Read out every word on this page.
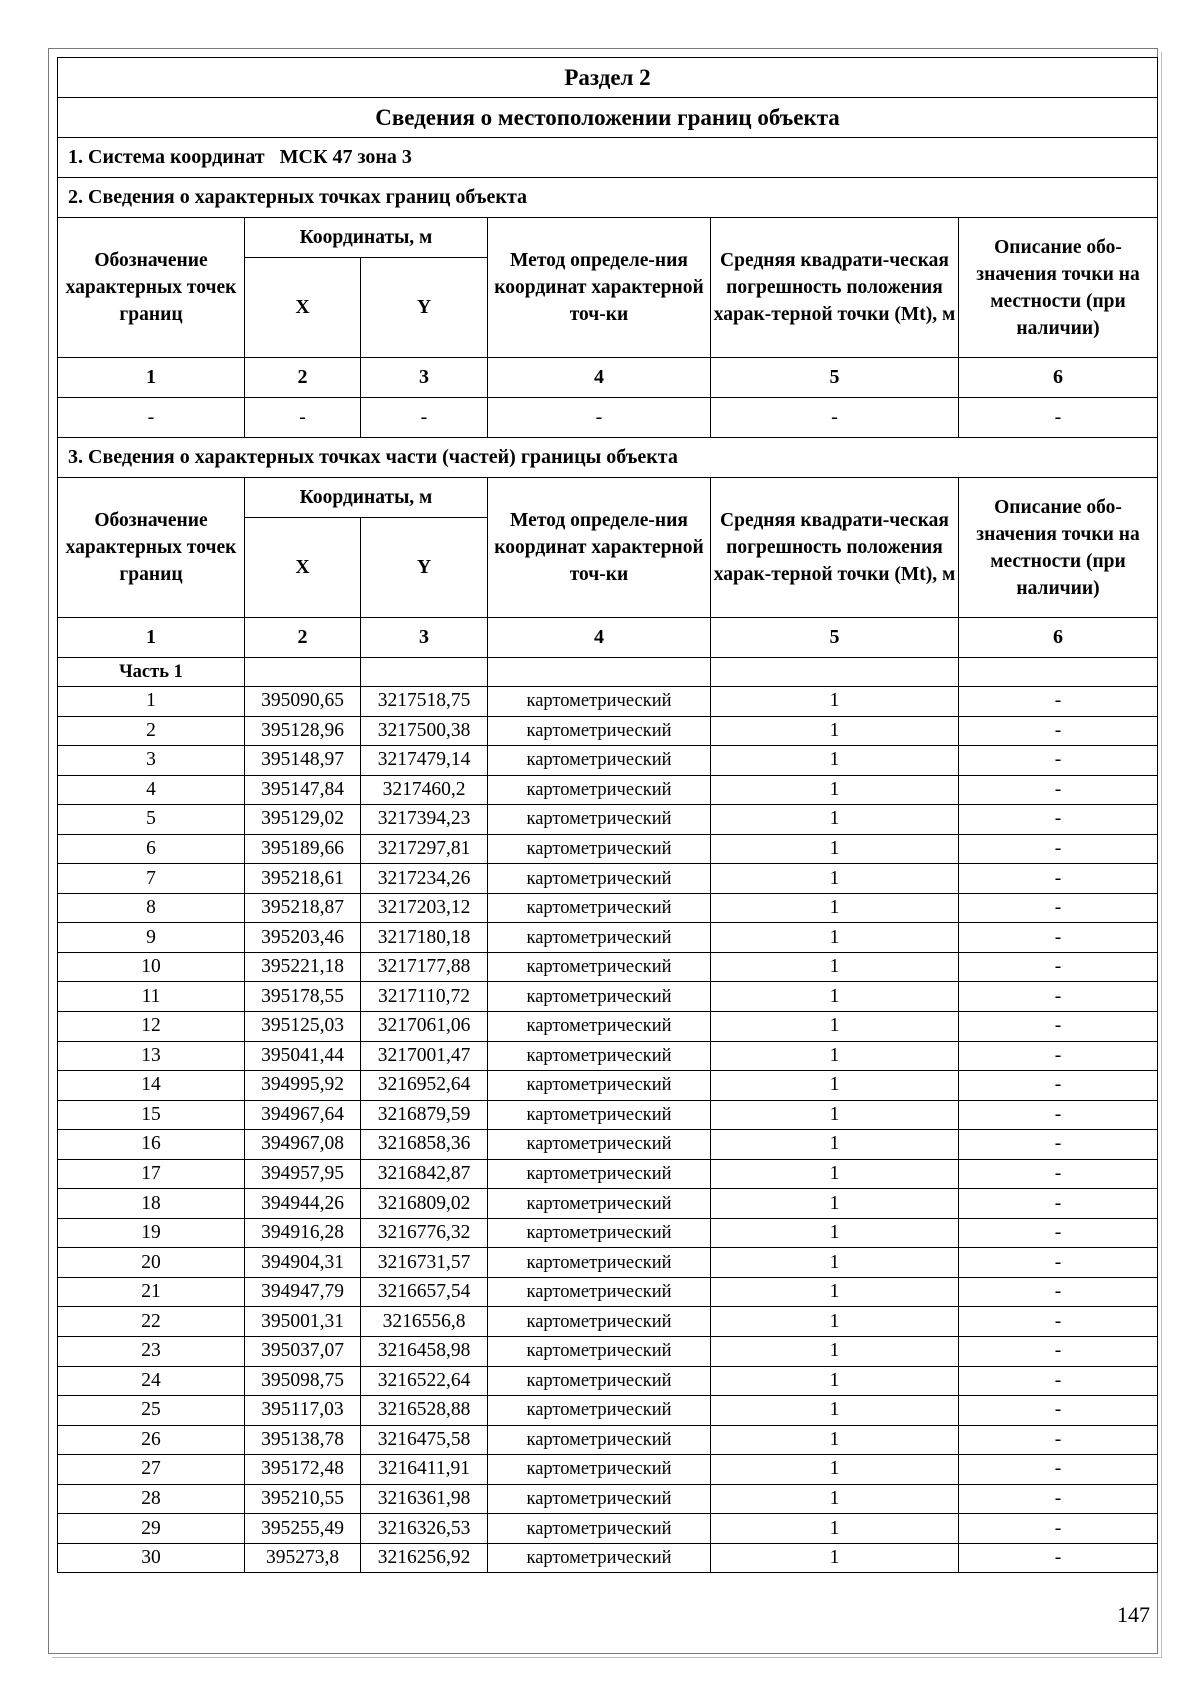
Раздел 2					
Сведения о местоположении границ объекта					
1. Система координат   МСК 47 зона 3					
2. Сведения о характерных точках границ объекта					
Обозначение характерных точек границ	Координаты, м		Метод определе-ния координат характерной точ-ки	Средняя квадрати-ческая погрешность положения харак-терной точки (Mt), м	Описание обо-значения точки на местности (при наличии)
	X	Y			
1	2	3	4	5	6
-	-	-	-	-	-
3. Сведения о характерных точках части (частей) границы объекта					
Обозначение характерных точек границ	Координаты, м		Метод определе-ния координат характерной точ-ки	Средняя квадрати-ческая погрешность положения харак-терной точки (Mt), м	Описание обо-значения точки на местности (при наличии)
	X	Y			
1	2	3	4	5	6
Часть 1					
1	395090,65	3217518,75	картометрический	1	-
2	395128,96	3217500,38	картометрический	1	-
3	395148,97	3217479,14	картометрический	1	-
4	395147,84	3217460,2	картометрический	1	-
5	395129,02	3217394,23	картометрический	1	-
6	395189,66	3217297,81	картометрический	1	-
7	395218,61	3217234,26	картометрический	1	-
8	395218,87	3217203,12	картометрический	1	-
9	395203,46	3217180,18	картометрический	1	-
10	395221,18	3217177,88	картометрический	1	-
11	395178,55	3217110,72	картометрический	1	-
12	395125,03	3217061,06	картометрический	1	-
13	395041,44	3217001,47	картометрический	1	-
14	394995,92	3216952,64	картометрический	1	-
15	394967,64	3216879,59	картометрический	1	-
16	394967,08	3216858,36	картометрический	1	-
17	394957,95	3216842,87	картометрический	1	-
18	394944,26	3216809,02	картометрический	1	-
19	394916,28	3216776,32	картометрический	1	-
20	394904,31	3216731,57	картометрический	1	-
21	394947,79	3216657,54	картометрический	1	-
22	395001,31	3216556,8	картометрический	1	-
23	395037,07	3216458,98	картометрический	1	-
24	395098,75	3216522,64	картометрический	1	-
25	395117,03	3216528,88	картометрический	1	-
26	395138,78	3216475,58	картометрический	1	-
27	395172,48	3216411,91	картометрический	1	-
28	395210,55	3216361,98	картометрический	1	-
29	395255,49	3216326,53	картометрический	1	-
30	395273,8	3216256,92	картометрический	1	-
147
